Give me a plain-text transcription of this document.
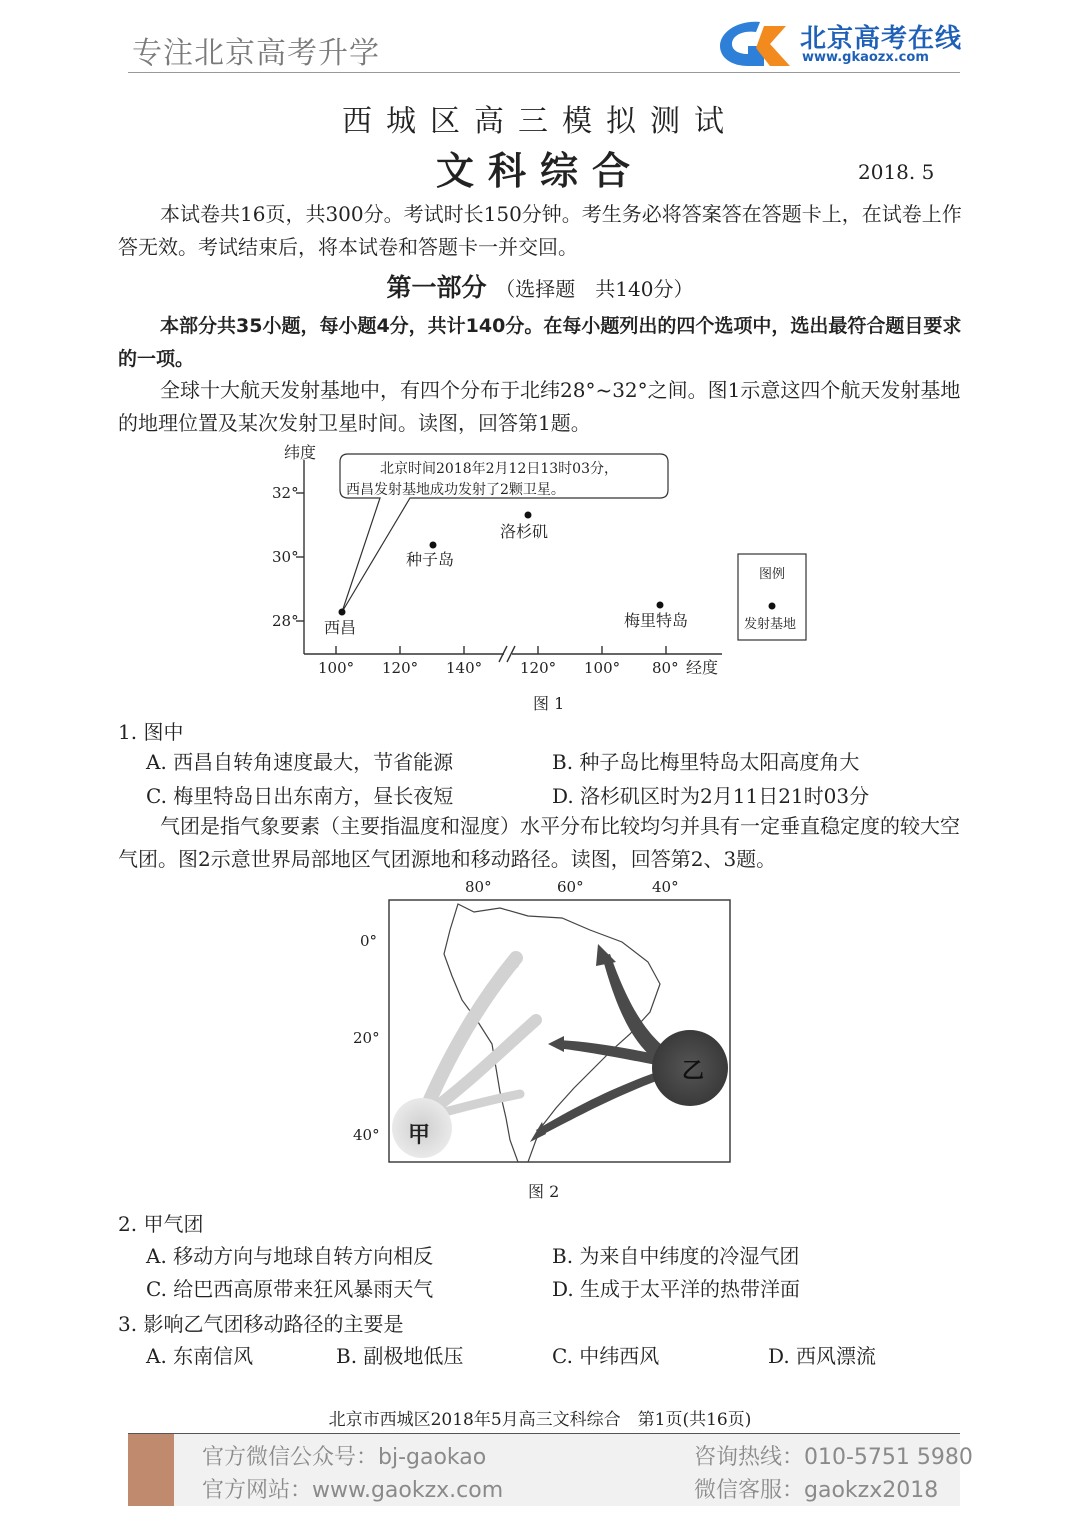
专注北京高考升学	北京高考在线
www.gkaozx.com
西城区高三模拟测试
文科综合	2018. 5
本试卷共16页，共300分。考试时长150分钟。考生务必将答案答在答题卡上，在试卷上作答无效。考试结束后，将本试卷和答题卡一并交回。
第一部分 （选择题　共140分）
本部分共35小题，每小题4分，共计140分。在每小题列出的四个选项中，选出最符合题目要求的一项。
全球十大航天发射基地中，有四个分布于北纬28°~32°之间。图1示意这四个航天发射基地的地理位置及某次发射卫星时间。读图，回答第1题。
北京时间2018年2月12日13时03分，
西昌发射基地成功发射了2颗卫星。
纬度
32°
30°
28°
100° 120° 140°	120° 100° 80° 经度
西昌
种子岛
洛杉矶
梅里特岛
图例
发射基地
图 1
1. 图中
A. 西昌自转角速度最大，节省能源	B. 种子岛比梅里特岛太阳高度角大
C. 梅里特岛日出东南方，昼长夜短	D. 洛杉矶区时为2月11日21时03分
气团是指气象要素（主要指温度和湿度）水平分布比较均匀并具有一定垂直稳定度的较大空气团。图2示意世界局部地区气团源地和移动路径。读图，回答第2、3题。
80°	60°	40°
0°
20°
40° 甲
乙
图 2
2. 甲气团
A. 移动方向与地球自转方向相反	B. 为来自中纬度的冷湿气团
C. 给巴西高原带来狂风暴雨天气	D. 生成于太平洋的热带洋面
3. 影响乙气团移动路径的主要是
A. 东南信风	B. 副极地低压	C. 中纬西风	D. 西风漂流
北京市西城区2018年5月高三文科综合　第1页(共16页)
官方微信公众号：bj-gaokao
官方网站：www.gaokzx.com
咨询热线：010-5751 5980
微信客服：gaokzx2018
